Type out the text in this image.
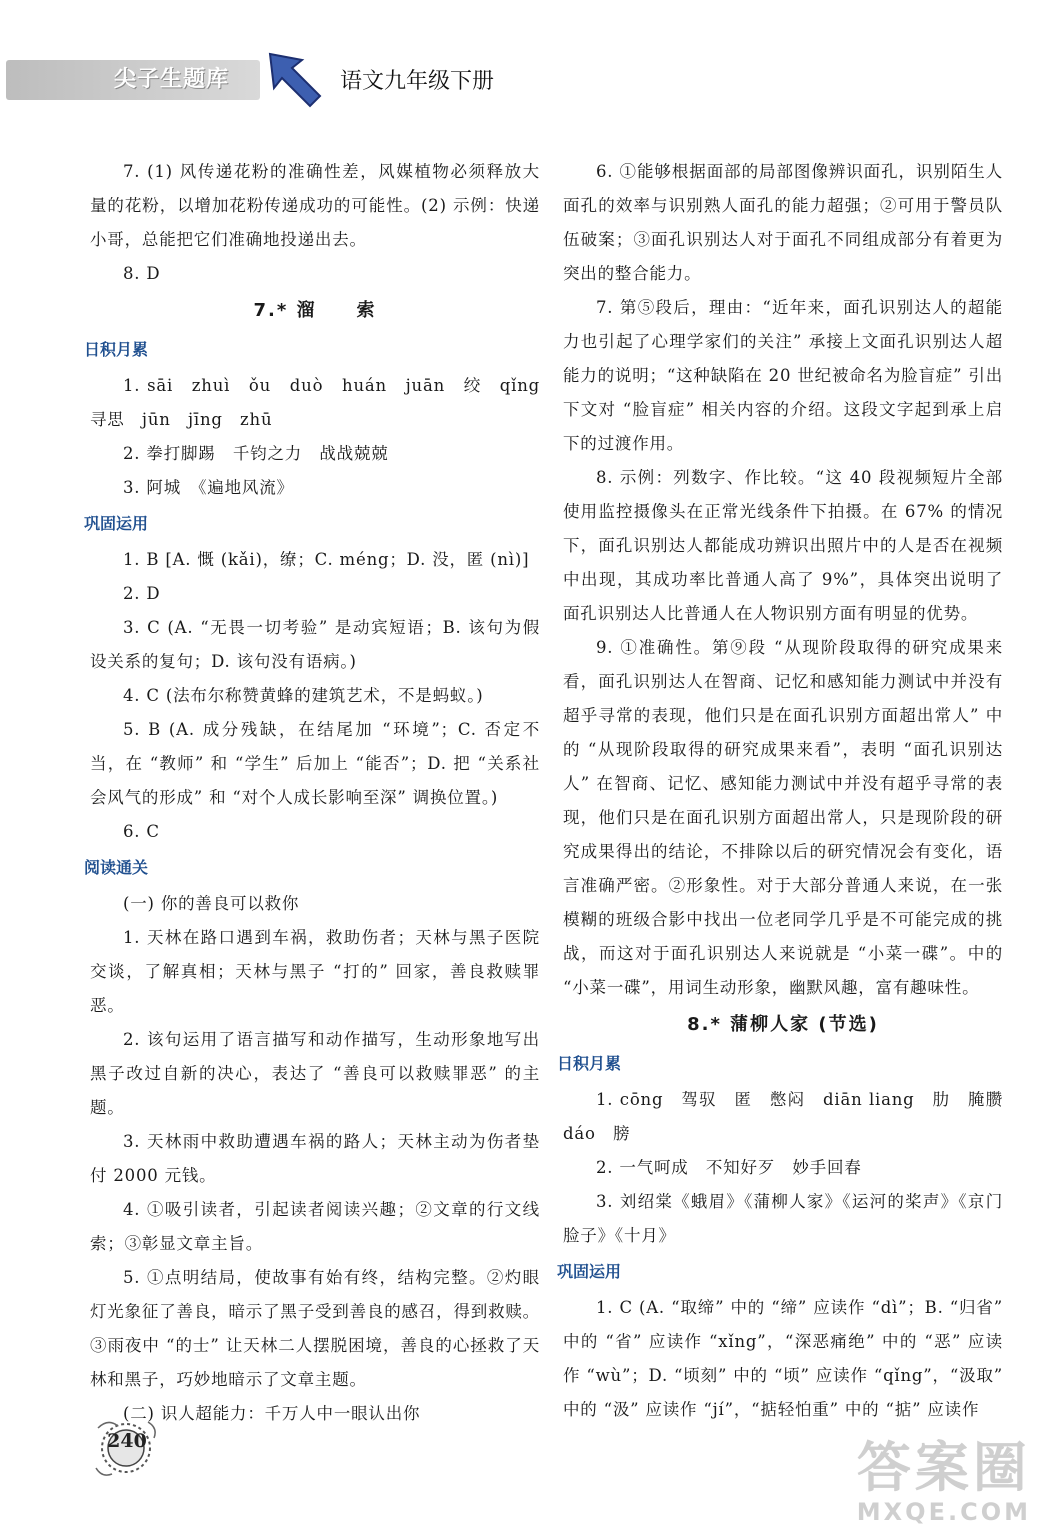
尖子生题库	语文九年级下册
7. (1) 风传递花粉的准确性差，风媒植物必须释放大量的花粉，以增加花粉传递成功的可能性。(2) 示例：快递小哥，总能把它们准确地投递出去。
8. D
7.* 溜　　索
日积月累
1. sāi　zhuì　ǒu　duò　huán　juān　绞　qǐng　寻思　jūn　jīng　zhū
2. 拳打脚踢　千钧之力　战战兢兢
3. 阿城　《遍地风流》
巩固运用
1. B [A. 慨 (kǎi)，缭；C. méng；D. 没，匿 (nì)]
2. D
3. C (A. “无畏一切考验” 是动宾短语；B. 该句为假设关系的复句；D. 该句没有语病。)
4. C (法布尔称赞黄蜂的建筑艺术，不是蚂蚁。)
5. B (A. 成分残缺，在结尾加 “环境”；C. 否定不当，在 “教师” 和 “学生” 后加上 “能否”；D. 把 “关系社会风气的形成” 和 “对个人成长影响至深” 调换位置。)
6. C
阅读通关
(一) 你的善良可以救你
1. 天林在路口遇到车祸，救助伤者；天林与黑子医院交谈，了解真相；天林与黑子 “打的” 回家，善良救赎罪恶。
2. 该句运用了语言描写和动作描写，生动形象地写出黑子改过自新的决心，表达了 “善良可以救赎罪恶” 的主题。
3. 天林雨中救助遭遇车祸的路人；天林主动为伤者垫付 2000 元钱。
4. ①吸引读者，引起读者阅读兴趣；②文章的行文线索；③彰显文章主旨。
5. ①点明结局，使故事有始有终，结构完整。②灼眼灯光象征了善良，暗示了黑子受到善良的感召，得到救赎。③雨夜中 “的士” 让天林二人摆脱困境，善良的心拯救了天林和黑子，巧妙地暗示了文章主题。
(二) 识人超能力：千万人中一眼认出你
6. ①能够根据面部的局部图像辨识面孔，识别陌生人面孔的效率与识别熟人面孔的能力超强；②可用于警员队伍破案；③面孔识别达人对于面孔不同组成部分有着更为突出的整合能力。
7. 第⑤段后，理由：“近年来，面孔识别达人的超能力也引起了心理学家们的关注” 承接上文面孔识别达人超能力的说明；“这种缺陷在 20 世纪被命名为脸盲症” 引出下文对 “脸盲症” 相关内容的介绍。这段文字起到承上启下的过渡作用。
8. 示例：列数字、作比较。“这 40 段视频短片全部使用监控摄像头在正常光线条件下拍摄。在 67% 的情况下，面孔识别达人都能成功辨识出照片中的人是否在视频中出现，其成功率比普通人高了 9%”，具体突出说明了面孔识别达人比普通人在人物识别方面有明显的优势。
9. ①准确性。第⑨段 “从现阶段取得的研究成果来看，面孔识别达人在智商、记忆和感知能力测试中并没有超乎寻常的表现，他们只是在面孔识别方面超出常人” 中的 “从现阶段取得的研究成果来看”，表明 “面孔识别达人” 在智商、记忆、感知能力测试中并没有超乎寻常的表现，他们只是在面孔识别方面超出常人，只是现阶段的研究成果得出的结论，不排除以后的研究情况会有变化，语言准确严密。②形象性。对于大部分普通人来说，在一张模糊的班级合影中找出一位老同学几乎是不可能完成的挑战，而这对于面孔识别达人来说就是 “小菜一碟”。中的 “小菜一碟”，用词生动形象，幽默风趣，富有趣味性。
8.* 蒲柳人家 (节选)
日积月累
1. cōng　驾驭　匿　憋闷　diān liang　肋　腌臜　dáo　膀
2. 一气呵成　不知好歹　妙手回春
3. 刘绍棠《蛾眉》《蒲柳人家》《运河的桨声》《京门脸子》《十月》
巩固运用
1. C (A. “取缔” 中的 “缔” 应读作 “dì”；B. “归省” 中的 “省” 应读作 “xǐng”，“深恶痛绝” 中的 “恶” 应读作 “wù”；D. “顷刻” 中的 “顷” 应读作 “qǐng”，“汲取” 中的 “汲” 应读作 “jí”，“掂轻怕重” 中的 “掂” 应读作
240	答案圈
MXQE.COM
